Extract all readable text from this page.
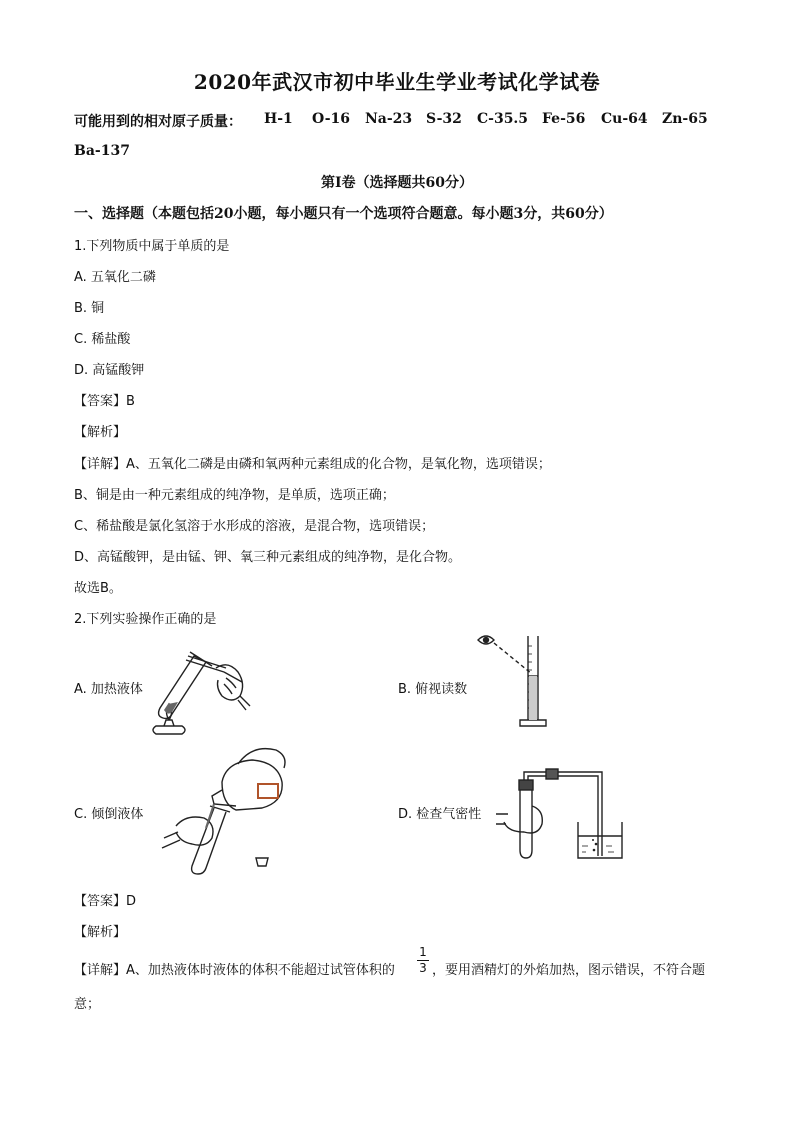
2020年武汉市初中毕业生学业考试化学试卷
可能用到的相对原子质量： H-1 O-16 Na-23 S-32 C-35.5 Fe-56 Cu-64 Zn-65
Ba-137
第I卷（选择题共60分）
一、选择题（本题包括20小题，每小题只有一个选项符合题意。每小题3分，共60分）
1.下列物质中属于单质的是
A. 五氧化二磷
B. 铜
C. 稀盐酸
D. 高锰酸钾
【答案】B
【解析】
【详解】A、五氧化二磷是由磷和氧两种元素组成的化合物，是氧化物，选项错误；
B、铜是由一种元素组成的纯净物，是单质，选项正确；
C、稀盐酸是氯化氢溶于水形成的溶液，是混合物，选项错误；
D、高锰酸钾，是由锰、钾、氧三种元素组成的纯净物，是化合物。
故选B。
2.下列实验操作正确的是
A. 加热液体	B. 俯视读数
C. 倾倒液体	D. 检查气密性
【答案】D
【解析】
【详解】A、加热液体时液体的体积不能超过试管体积的
1
3 ，要用酒精灯的外焰加热，图示错误，不符合题
意；
